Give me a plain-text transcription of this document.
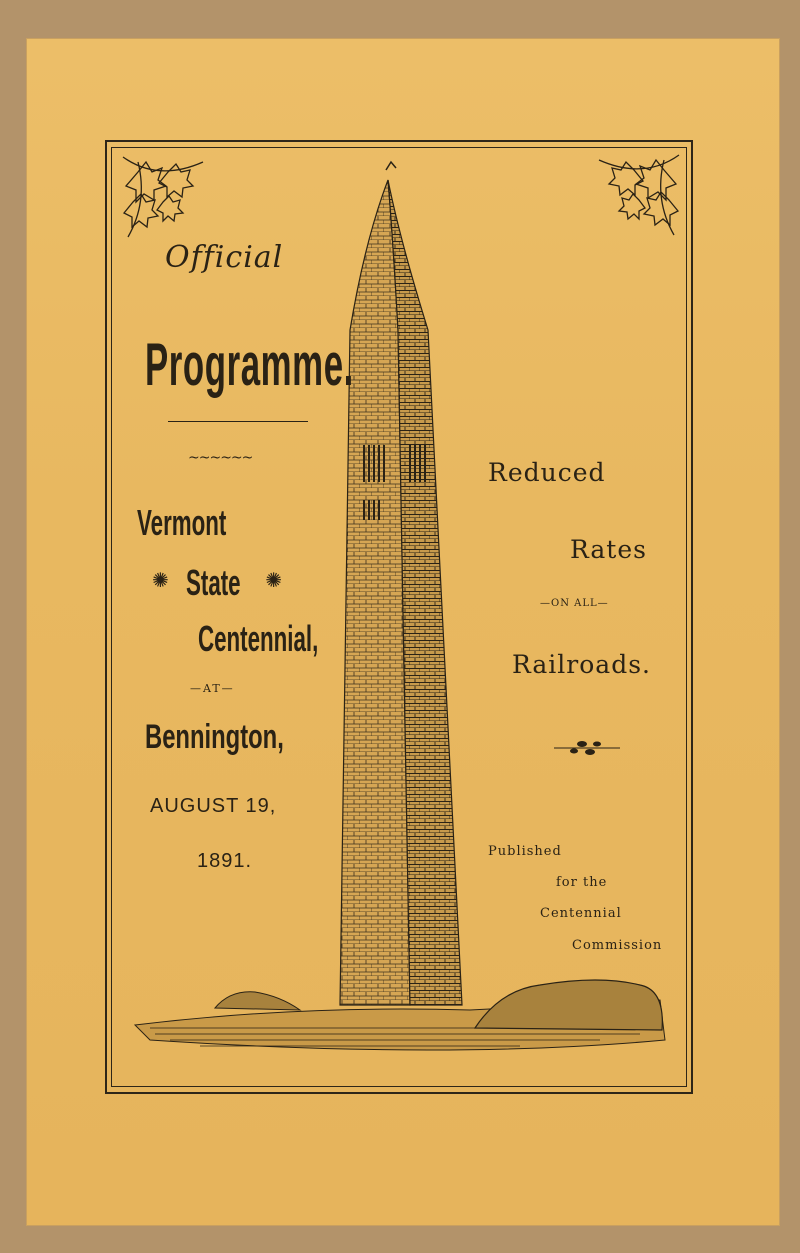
Official
Programme.
~~~~~~
Vermont
✺	✺
State
Centennial,
—AT—
Bennington,
AUGUST 19,
1891.
Reduced
Rates
—ON ALL—
Railroads.
Published
for the
Centennial
Commission
